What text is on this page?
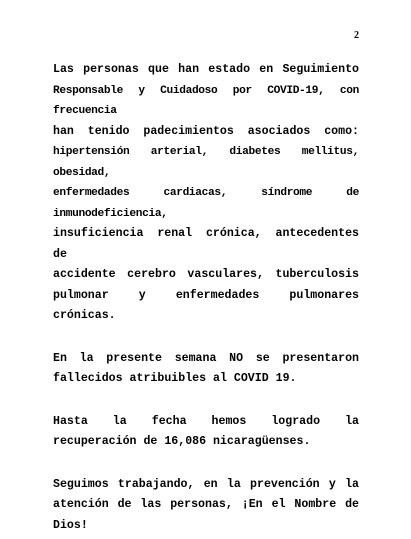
2

Las personas que han estado en Seguimiento
Responsable y Cuidadoso por COVID-19, con frecuencia
han tenido padecimientos asociados como:
hipertensión arterial, diabetes mellitus, obesidad,
enfermedades cardiacas, síndrome de inmunodeficiencia,
insuficiencia renal crónica, antecedentes de
accidente cerebro vasculares, tuberculosis
pulmonar y enfermedades pulmonares crónicas.

En la presente semana NO se presentaron fallecidos atribuibles al COVID 19.

Hasta la fecha hemos logrado la recuperación de 16,086 nicaragüenses.

Seguimos trabajando, en la prevención y la atención de las personas, ¡En el Nombre de Dios!
